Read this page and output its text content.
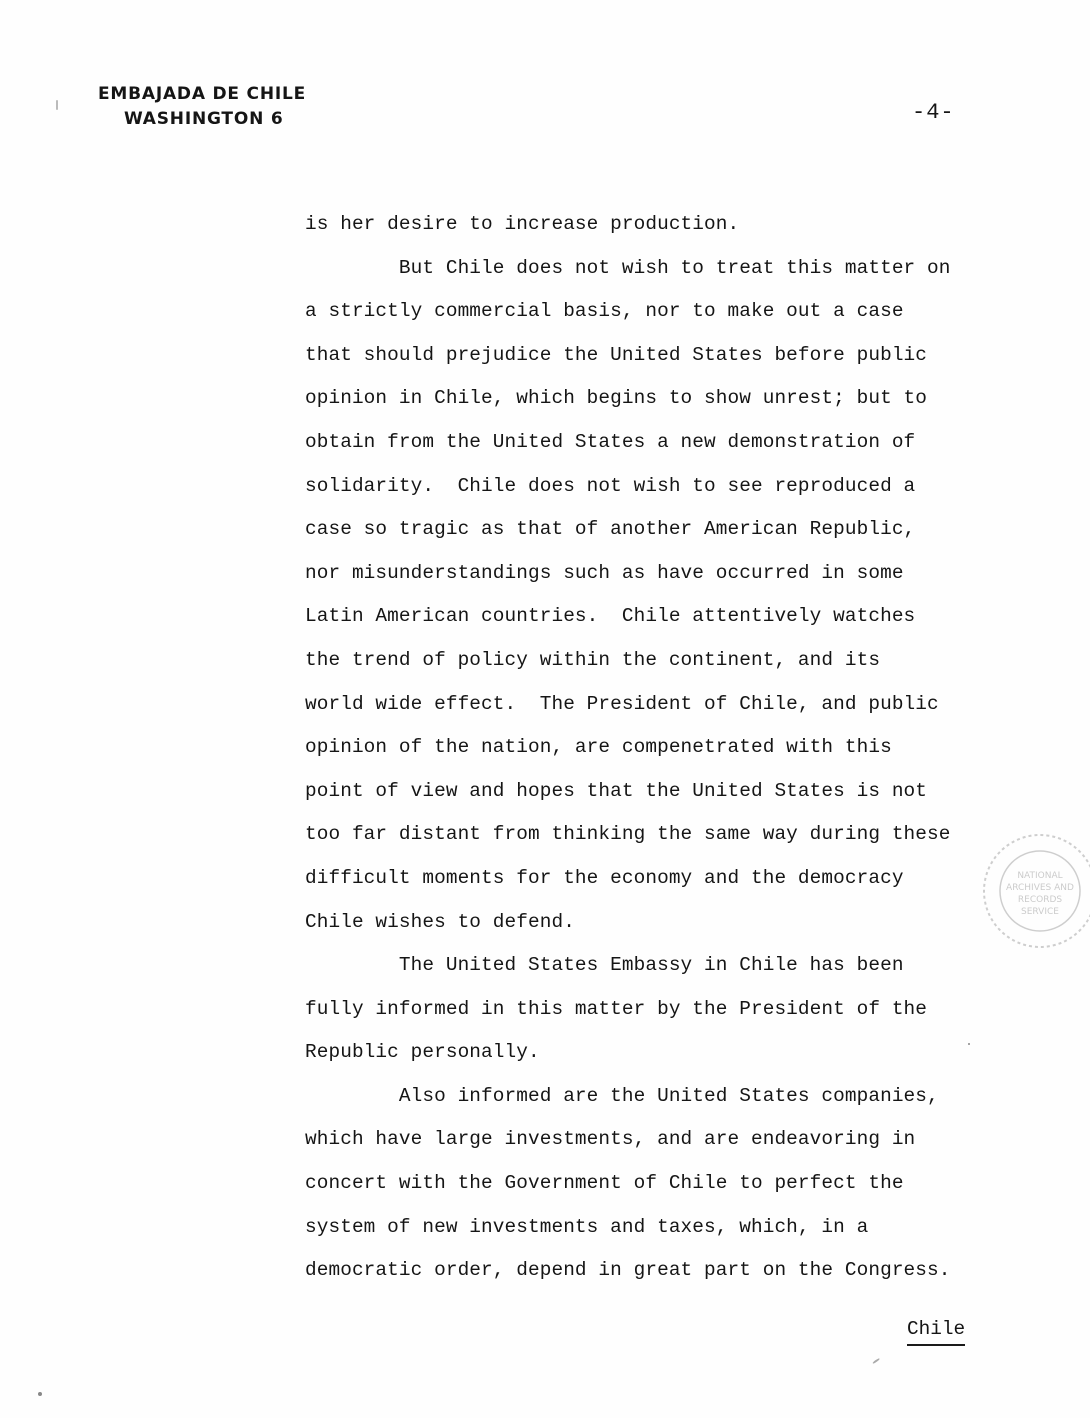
EMBAJADA DE CHILE
WASHINGTON 6	-4-

is her desire to increase production.

But Chile does not wish to treat this matter on

a strictly commercial basis, nor to make out a case

that should prejudice the United States before public

opinion in Chile, which begins to show unrest; but to

obtain from the United States a new demonstration of

solidarity.  Chile does not wish to see reproduced a

case so tragic as that of another American Republic,

nor misunderstandings such as have occurred in some

Latin American countries.  Chile attentively watches

the trend of policy within the continent, and its

world wide effect.  The President of Chile, and public

opinion of the nation, are compenetrated with this

point of view and hopes that the United States is not

too far distant from thinking the same way during these

difficult moments for the economy and the democracy

Chile wishes to defend.

The United States Embassy in Chile has been

fully informed in this matter by the President of the

Republic personally.

Also informed are the United States companies,

which have large investments, and are endeavoring in

concert with the Government of Chile to perfect the

system of new investments and taxes, which, in a

democratic order, depend in great part on the Congress.

Chile
NATIONAL
ARCHIVES AND
RECORDS
SERVICE
